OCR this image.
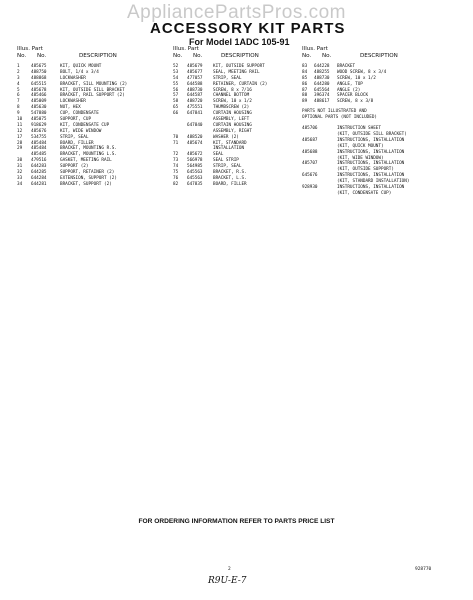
AppliancePartsPros.com
ACCESSORY KIT PARTS
For Model 1ADC 105-91
Illus. Part
No. No.	DESCRIPTION
1	485675	KIT, QUICK MOUNT
2	488750	BOLT, 1/4 x 3/4
3	488868	LOCKWASHER
4	645515	BRACKET, SILL MOUNTING (2)
5	485678	KIT, OUTSIDE SILL BRACKET
6	485466	BRACKET, RAIL SUPPORT (2)
7	485009	LOCKWASHER
8	485630	NUT, HEX
9	547880	CUP, CONDENSATE
10 485075	SUPPORT, CUP
11 918629	KIT, CONDENSATE CUP
12 485676	KIT, WIDE WINDOW
17 534755	STRIP, SEAL
28 485484	BOARD, FILLER
29 485484	BRACKET, MOUNTING R.S.
485485	BRACKET, MOUNTING L.S.
30 479516	GASKET, MEETING RAIL
31 644283	SUPPORT (2)
32 644285	SUPPORT, RETAINER (2)
33 644284	EXTENSION, SUPPORT (2)
34 644281	BRACKET, SUPPORT (2)
Illus. Part
No. No.	DESCRIPTION
52 485679 KIT, OUTSIDE SUPPORT
53 485677 SEAL, MEETING RAIL
54 477057 STRIP, SEAL
55 644588 RETAINER, CURTAIN (2)
56 488730 SCREW, 8 x 7/16
57 644587 CHANNEL BOTTOM
58 488720 SCREW, 10 x 1/2
65 475551 THUMBSCREW (2)
66 647841 CURTAIN HOUSING
ASSEMBLY, LEFT
647840 CURTAIN HOUSING
ASSEMBLY, RIGHT
70 488520 WASHER (2)
71 485674 KIT, STANDARD
INSTALLATION
72 485672 SEAL
73 566978 SEAL STRIP
74 564985 STRIP, SEAL
75 645563 BRACKET, R.S.
76 645563 BRACKET, L.S.
82 647835 BOARD, FILLER
Illus. Part
No. No.	DESCRIPTION
83 644228 BRACKET
84 488255 WOOD SCREW, 8 x 3/4
85 488730 SCREW, 10 x 1/2
86 644280 ANGLE, TOP
87 645564 ANGLE (2)
88 396374 SPACER BLOCK
89 488617 SCREW, 8 x 3/8
PARTS NOT ILLUSTRATED AND
OPTIONAL PARTS (NOT INCLUDED)
485706	INSTRUCTION SHEET
(KIT, OUTSIDE SILL BRACKET)
485687	INSTRUCTIONS, INSTALLATION
(KIT, QUICK MOUNT)
485688	INSTRUCTIONS, INSTALLATION
(KIT, WIDE WINDOW)
485707	INSTRUCTIONS, INSTALLATION
(KIT, OUTSIDE SUPPORT)
645676	INSTRUCTIONS, INSTALLATION
(KIT, STANDARD INSTALLATION)
928930	INSTRUCTIONS, INSTALLATION
(KIT, CONDENSATE CUP)
FOR ORDERING INFORMATION REFER TO PARTS PRICE LIST
2	928770
R9U-E-7
